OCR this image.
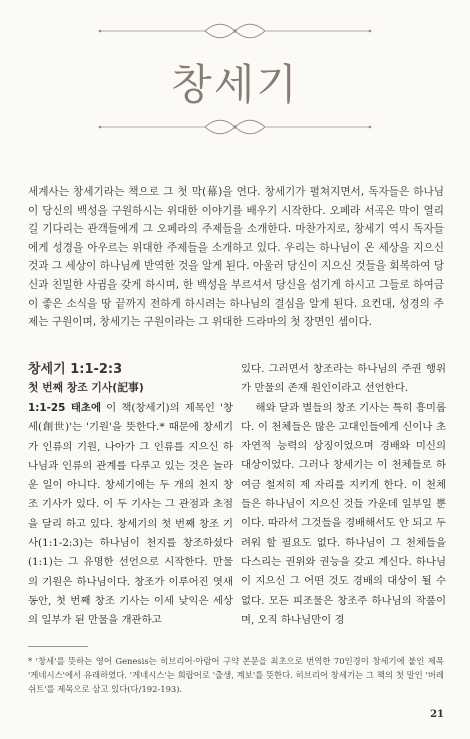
창세기

세계사는 창세기라는 책으로 그 첫 막(幕)을 연다. 창세기가 펼쳐지면서, 독자들은 하나님이 당신의 백성을 구원하시는 위대한 이야기를 배우기 시작한다. 오페라 서곡은 막이 열리길 기다리는 관객들에게 그 오페라의 주제들을 소개한다. 마찬가지로, 창세기 역시 독자들에게 성경을 아우르는 위대한 주제들을 소개하고 있다. 우리는 하나님이 온 세상을 지으신 것과 그 세상이 하나님께 반역한 것을 알게 된다. 아울러 당신이 지으신 것들을 회복하여 당신과 친밀한 사귐을 갖게 하시며, 한 백성을 부르셔서 당신을 섬기게 하시고 그들로 하여금 이 좋은 소식을 땅 끝까지 전하게 하시려는 하나님의 결심을 알게 된다. 요컨대, 성경의 주제는 구원이며, 창세기는 구원이라는 그 위대한 드라마의 첫 장면인 셈이다.

창세기 1:1-2:3
첫 번째 창조 기사(記事)

1:1-25 태초에 이 책(창세기)의 제목인 '창세(創世)'는 '기원'을 뜻한다.* 때문에 창세기가 인류의 기원, 나아가 그 인류를 지으신 하나님과 인류의 관계를 다루고 있는 것은 놀라운 일이 아니다. 창세기에는 두 개의 천지 창조 기사가 있다. 이 두 기사는 그 관점과 초점을 달리 하고 있다. 창세기의 첫 번째 창조 기사(1:1-2:3)는 하나님이 천지를 창조하셨다(1:1)는 그 유명한 선언으로 시작한다. 만물의 기원은 하나님이다. 창조가 이루어진 엿새 동안, 첫 번째 창조 기사는 이세 낮익은 세상의 일부가 된 만물을 개관하고

있다. 그러면서 창조라는 하나님의 주권 행위가 만물의 존재 원인이라고 선언한다.

해와 달과 별들의 창조 기사는 특히 흥미롭다. 이 천체들은 많은 고대인들에게 신이나 초자연적 능력의 상징이었으며 경배와 미신의 대상이었다. 그러나 창세기는 이 천체들로 하여금 철저히 제 자리를 지키게 한다. 이 천체들은 하나님이 지으신 것들 가운데 일부일 뿐이다. 따라서 그것들을 경배해서도 안 되고 두려워 할 필요도 없다. 하나님이 그 천체들을 다스리는 권위와 권능을 갖고 계신다. 하나님이 지으신 그 어떤 것도 경배의 대상이 될 수 없다. 모든 피조물은 창조주 하나님의 작품이며, 오직 하나님만이 경

* '창세'를 뜻하는 영어 Genesis는 히브리어·아람어 구약 본문을 최초으로 번역한 70인경이 창세기에 붙인 제목 '게네시스'에서 유래하였다. '게네시스'는 희랍어로 '출생, 계보'를 뜻한다. 히브리어 창세기는 그 책의 첫 말인 '버레쉬트'를 제목으로 삼고 있다(다/192-193).

21
